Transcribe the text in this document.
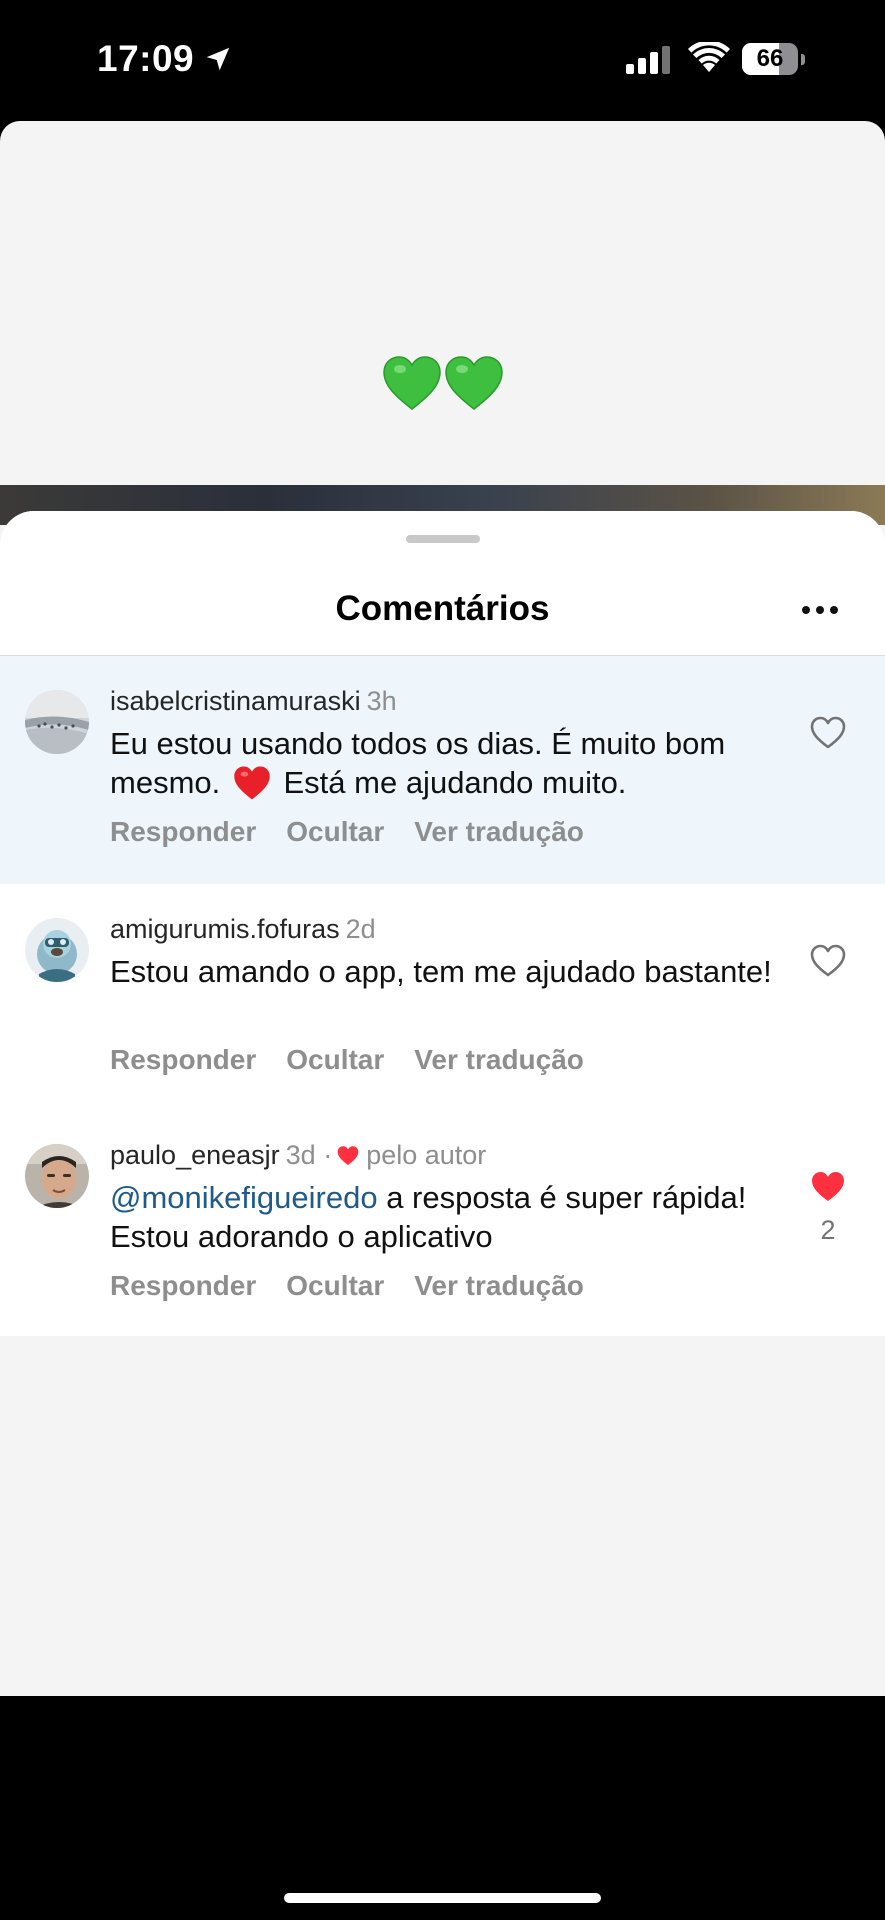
17:09	66
Comentários
isabelcristinamuraski 3h
Eu estou usando todos os dias. É muito bom mesmo. Está me ajudando muito.
Responder Ocultar Ver tradução
amigurumis.fofuras 2d
Estou amando o app, tem me ajudado bastante!
Responder Ocultar Ver tradução
paulo_eneasjr 3d · pelo autor
@monikefigueiredo a resposta é super rápida! Estou adorando o aplicativo
Responder Ocultar Ver tradução
2
